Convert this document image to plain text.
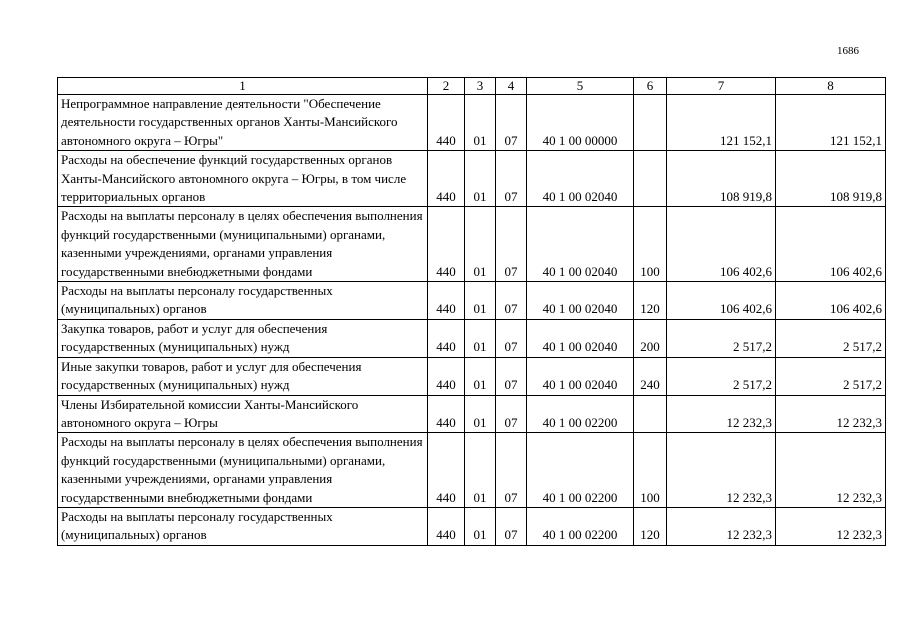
1686
1	2	3	4	5	6	7	8
Непрограммное направление деятельности "Обеспечение деятельности государственных органов Ханты-Мансийского автономного округа – Югры"	440	01	07	40 1 00 00000		121 152,1	121 152,1
Расходы на обеспечение функций государственных органов Ханты-Мансийского автономного округа – Югры, в том числе территориальных органов	440	01	07	40 1 00 02040		108 919,8	108 919,8
Расходы на выплаты персоналу в целях обеспечения выполнения функций государственными (муниципальными) органами, казенными учреждениями, органами управления государственными внебюджетными фондами	440	01	07	40 1 00 02040	100	106 402,6	106 402,6
Расходы на выплаты персоналу государственных (муниципальных) органов	440	01	07	40 1 00 02040	120	106 402,6	106 402,6
Закупка товаров, работ и услуг для обеспечения государственных (муниципальных) нужд	440	01	07	40 1 00 02040	200	2 517,2	2 517,2
Иные закупки товаров, работ и услуг для обеспечения государственных (муниципальных) нужд	440	01	07	40 1 00 02040	240	2 517,2	2 517,2
Члены Избирательной комиссии Ханты-Мансийского автономного округа – Югры	440	01	07	40 1 00 02200		12 232,3	12 232,3
Расходы на выплаты персоналу в целях обеспечения выполнения функций государственными (муниципальными) органами, казенными учреждениями, органами управления государственными внебюджетными фондами	440	01	07	40 1 00 02200	100	12 232,3	12 232,3
Расходы на выплаты персоналу государственных (муниципальных) органов	440	01	07	40 1 00 02200	120	12 232,3	12 232,3
